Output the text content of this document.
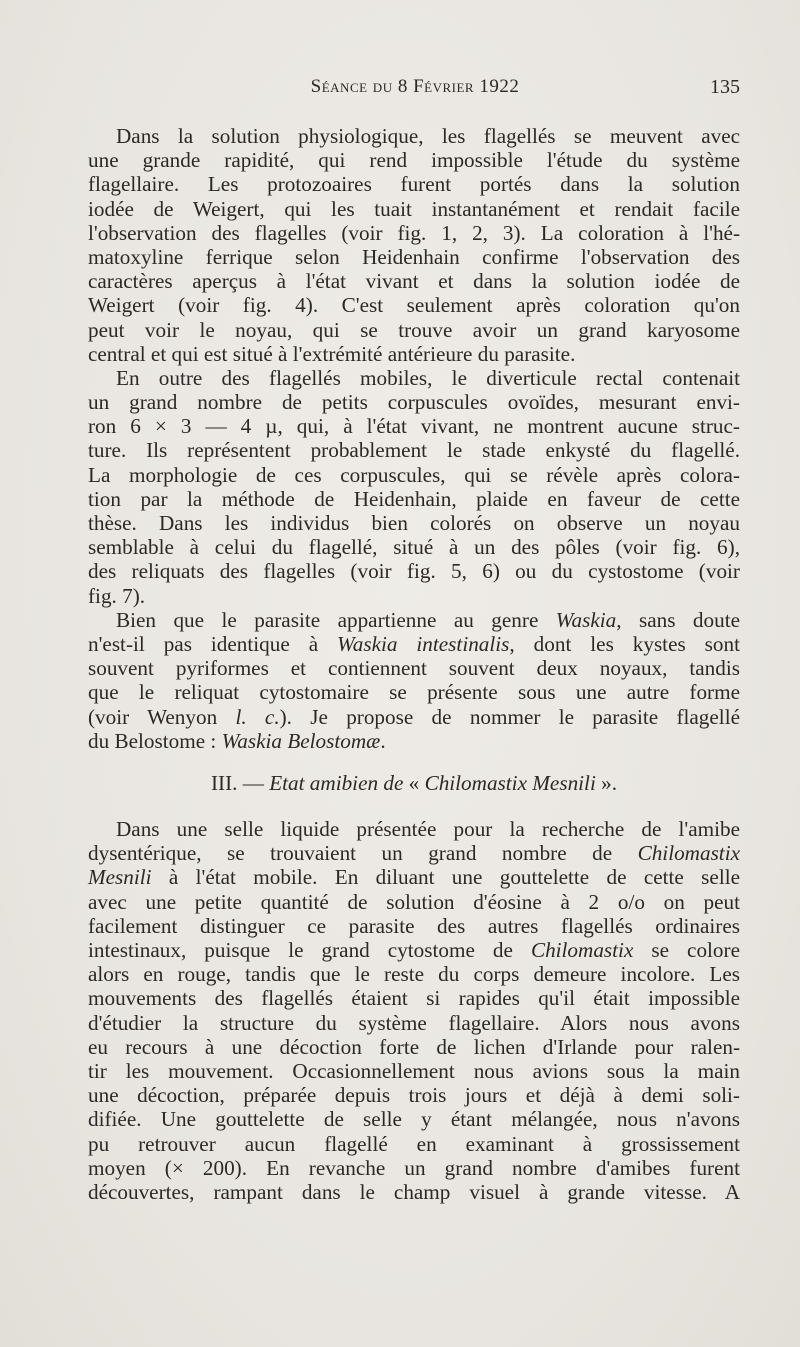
Séance du 8 Février 1922	135
Dans la solution physiologique, les flagellés se meuvent avec
une grande rapidité, qui rend impossible l'étude du système
flagellaire. Les protozoaires furent portés dans la solution
iodée de Weigert, qui les tuait instantanément et rendait facile
l'observation des flagelles (voir fig. 1, 2, 3). La coloration à l'hé-
matoxyline ferrique selon Heidenhain confirme l'observation des
caractères aperçus à l'état vivant et dans la solution iodée de
Weigert (voir fig. 4). C'est seulement après coloration qu'on
peut voir le noyau, qui se trouve avoir un grand karyosome
central et qui est situé à l'extrémité antérieure du parasite.
En outre des flagellés mobiles, le diverticule rectal contenait
un grand nombre de petits corpuscules ovoïdes, mesurant envi-
ron 6 × 3 — 4 µ, qui, à l'état vivant, ne montrent aucune struc-
ture. Ils représentent probablement le stade enkysté du flagellé.
La morphologie de ces corpuscules, qui se révèle après colora-
tion par la méthode de Heidenhain, plaide en faveur de cette
thèse. Dans les individus bien colorés on observe un noyau
semblable à celui du flagellé, situé à un des pôles (voir fig. 6),
des reliquats des flagelles (voir fig. 5, 6) ou du cystostome (voir
fig. 7).
Bien que le parasite appartienne au genre Waskia, sans doute
n'est-il pas identique à Waskia intestinalis, dont les kystes sont
souvent pyriformes et contiennent souvent deux noyaux, tandis
que le reliquat cytostomaire se présente sous une autre forme
(voir Wenyon l. c.). Je propose de nommer le parasite flagellé
du Belostome : Waskia Belostomæ.
III. — Etat amibien de « Chilomastix Mesnili ».
Dans une selle liquide présentée pour la recherche de l'amibe
dysentérique, se trouvaient un grand nombre de Chilomastix
Mesnili à l'état mobile. En diluant une gouttelette de cette selle
avec une petite quantité de solution d'éosine à 2 o/o on peut
facilement distinguer ce parasite des autres flagellés ordinaires
intestinaux, puisque le grand cytostome de Chilomastix se colore
alors en rouge, tandis que le reste du corps demeure incolore. Les
mouvements des flagellés étaient si rapides qu'il était impossible
d'étudier la structure du système flagellaire. Alors nous avons
eu recours à une décoction forte de lichen d'Irlande pour ralen-
tir les mouvement. Occasionnellement nous avions sous la main
une décoction, préparée depuis trois jours et déjà à demi soli-
difiée. Une gouttelette de selle y étant mélangée, nous n'avons
pu retrouver aucun flagellé en examinant à grossissement
moyen (× 200). En revanche un grand nombre d'amibes furent
découvertes, rampant dans le champ visuel à grande vitesse. A
